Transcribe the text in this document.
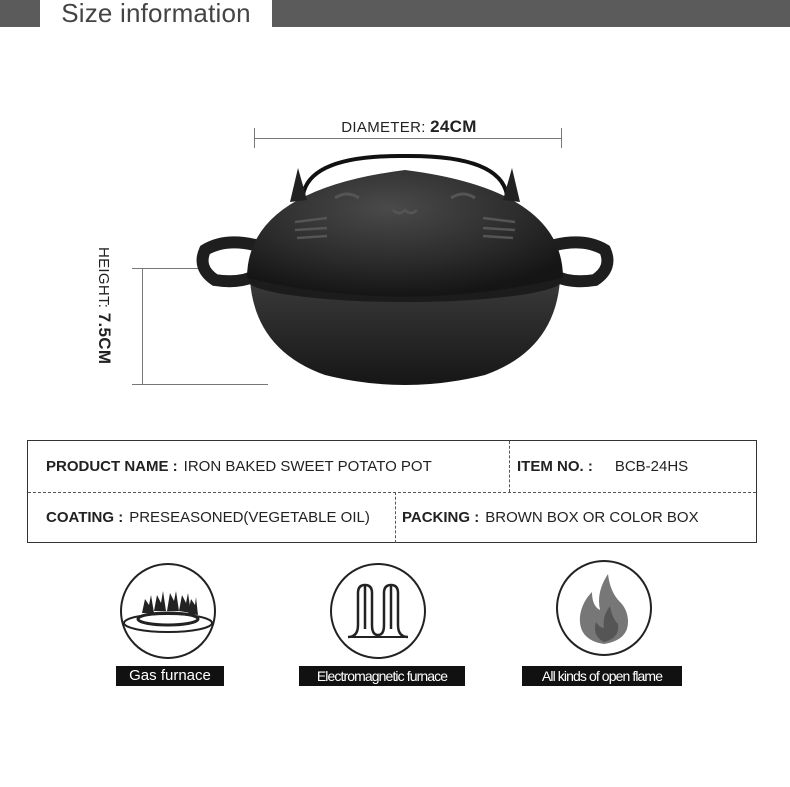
Size information
DIAMETER: 24CM
HEIGHT: 7.5CM
PRODUCT NAME : IRON BAKED SWEET POTATO POT	ITEM NO. : BCB-24HS
COATING : PRESEASONED(VEGETABLE OIL) PACKING : BROWN BOX OR COLOR BOX
Gas furnace	Electromagnetic furnace	All kinds of open flame
